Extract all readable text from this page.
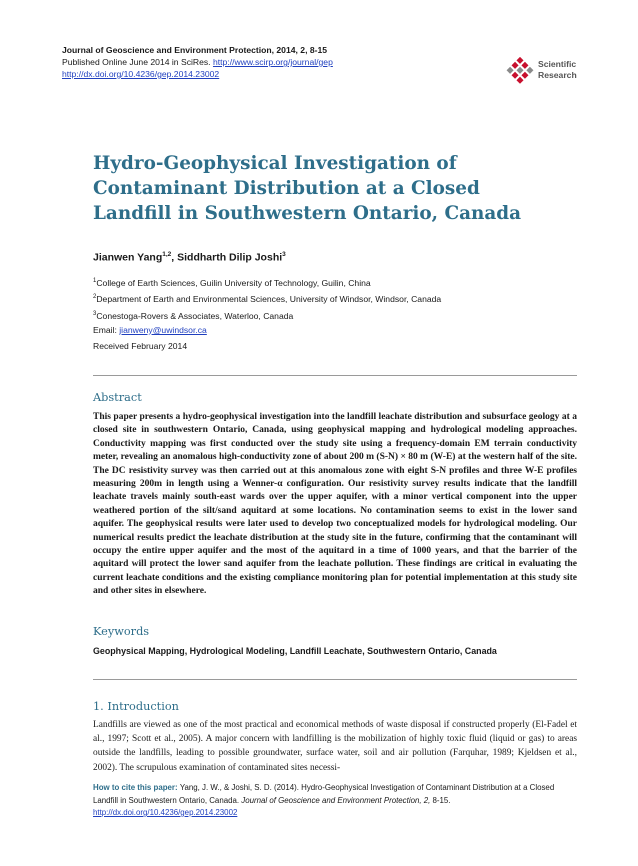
Journal of Geoscience and Environment Protection, 2014, 2, 8-15
Published Online June 2014 in SciRes. http://www.scirp.org/journal/gep
http://dx.doi.org/10.4236/gep.2014.23002
Scientific
Research
Hydro-Geophysical Investigation of Contaminant Distribution at a Closed Landfill in Southwestern Ontario, Canada
Jianwen Yang$^{1,2}$, Siddharth Dilip Joshi$^3$
$^1$College of Earth Sciences, Guilin University of Technology, Guilin, China
$^2$Department of Earth and Environmental Sciences, University of Windsor, Windsor, Canada
$^3$Conestoga-Rovers & Associates, Waterloo, Canada
Email: jianweny@uwindsor.ca
Received February 2014
Abstract

This paper presents a hydro-geophysical investigation into the landfill leachate distribution and subsurface geology at a closed site in southwestern Ontario, Canada, using geophysical mapping and hydrological modeling approaches. Conductivity mapping was first conducted over the study site using a frequency-domain EM terrain conductivity meter, revealing an anomalous high-conductivity zone of about 200 m (S-N) × 80 m (W-E) at the western half of the site. The DC resistivity survey was then carried out at this anomalous zone with eight S-N profiles and three W-E profiles measuring 200m in length using a Wenner-α configuration. Our resistivity survey results indicate that the landfill leachate travels mainly south-east wards over the upper aquifer, with a minor vertical component into the upper weathered portion of the silt/sand aquitard at some locations. No contamination seems to exist in the lower sand aquifer. The geophysical results were later used to develop two conceptualized models for hydrological modeling. Our numerical results predict the leachate distribution at the study site in the future, confirming that the contaminant will occupy the entire upper aquifer and the most of the aquitard in a time of 1000 years, and that the barrier of the aquitard will protect the lower sand aquifer from the leachate pollution. These findings are critical in evaluating the current leachate conditions and the existing compliance monitoring plan for potential implementation at this study site and other sites in elsewhere.

Keywords
Geophysical Mapping, Hydrological Modeling, Landfill Leachate, Southwestern Ontario, Canada
1. Introduction

Landfills are viewed as one of the most practical and economical methods of waste disposal if constructed properly (El-Fadel et al., 1997; Scott et al., 2005). A major concern with landfilling is the mobilization of highly toxic fluid (liquid or gas) to areas outside the landfills, leading to possible groundwater, surface water, soil and air pollution (Farquhar, 1989; Kjeldsen et al., 2002). The scrupulous examination of contaminated sites necessi-

How to cite this paper: Yang, J. W., & Joshi, S. D. (2014). Hydro-Geophysical Investigation of Contaminant Distribution at a Closed Landfill in Southwestern Ontario, Canada. Journal of Geoscience and Environment Protection, 2, 8-15.
http://dx.doi.org/10.4236/gep.2014.23002
